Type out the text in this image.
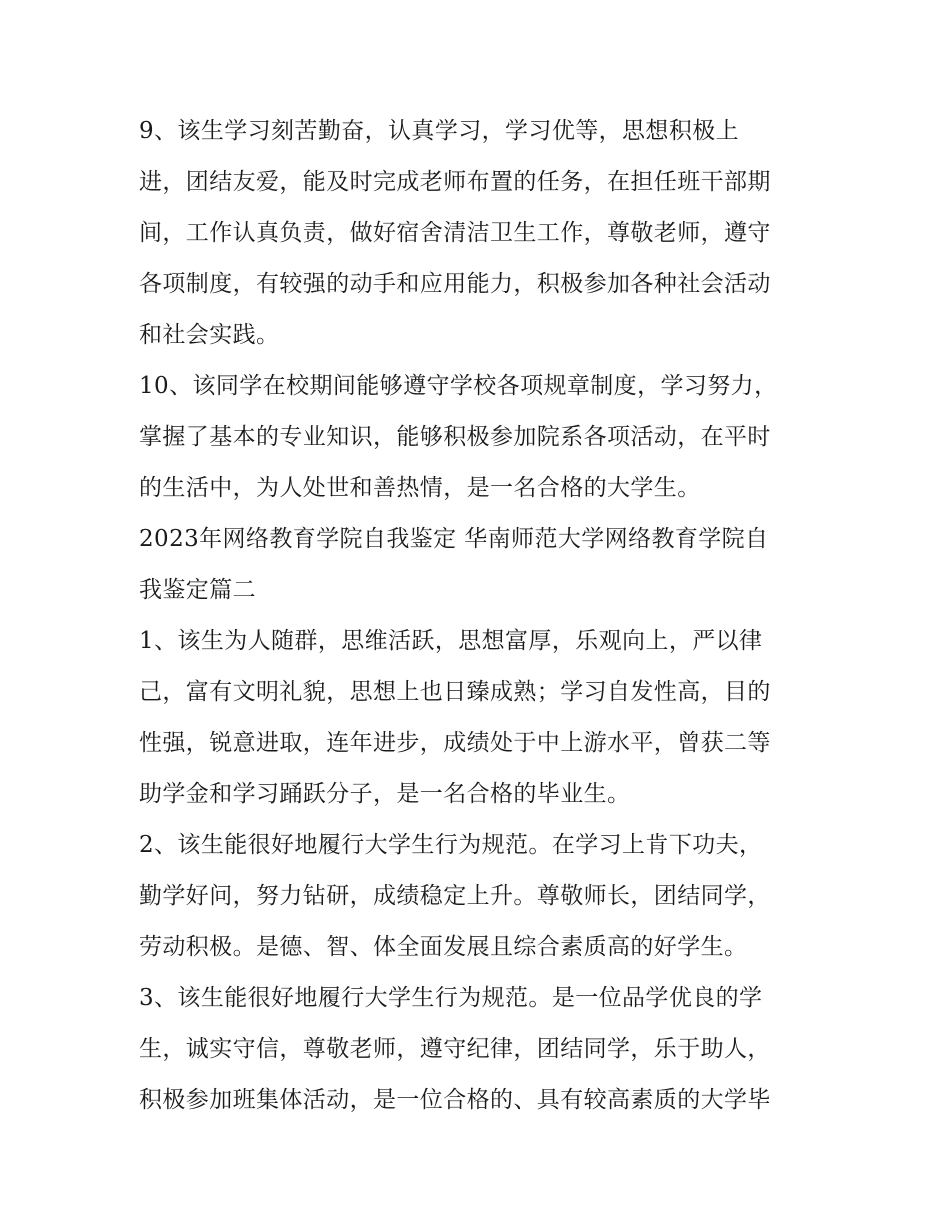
9、该生学习刻苦勤奋，认真学习，学习优等，思想积极上
进，团结友爱，能及时完成老师布置的任务，在担任班干部期
间，工作认真负责，做好宿舍清洁卫生工作，尊敬老师，遵守
各项制度，有较强的动手和应用能力，积极参加各种社会活动
和社会实践。

10、该同学在校期间能够遵守学校各项规章制度，学习努力，
掌握了基本的专业知识，能够积极参加院系各项活动，在平时
的生活中，为人处世和善热情，是一名合格的大学生。

2023年网络教育学院自我鉴定 华南师范大学网络教育学院自
我鉴定篇二

1、该生为人随群，思维活跃，思想富厚，乐观向上，严以律
己，富有文明礼貌，思想上也日臻成熟；学习自发性高，目的
性强，锐意进取，连年进步，成绩处于中上游水平，曾获二等
助学金和学习踊跃分子，是一名合格的毕业生。

2、该生能很好地履行大学生行为规范。在学习上肯下功夫，
勤学好问，努力钻研，成绩稳定上升。尊敬师长，团结同学，
劳动积极。是德、智、体全面发展且综合素质高的好学生。

3、该生能很好地履行大学生行为规范。是一位品学优良的学
生，诚实守信，尊敬老师，遵守纪律，团结同学，乐于助人，
积极参加班集体活动，是一位合格的、具有较高素质的大学毕
